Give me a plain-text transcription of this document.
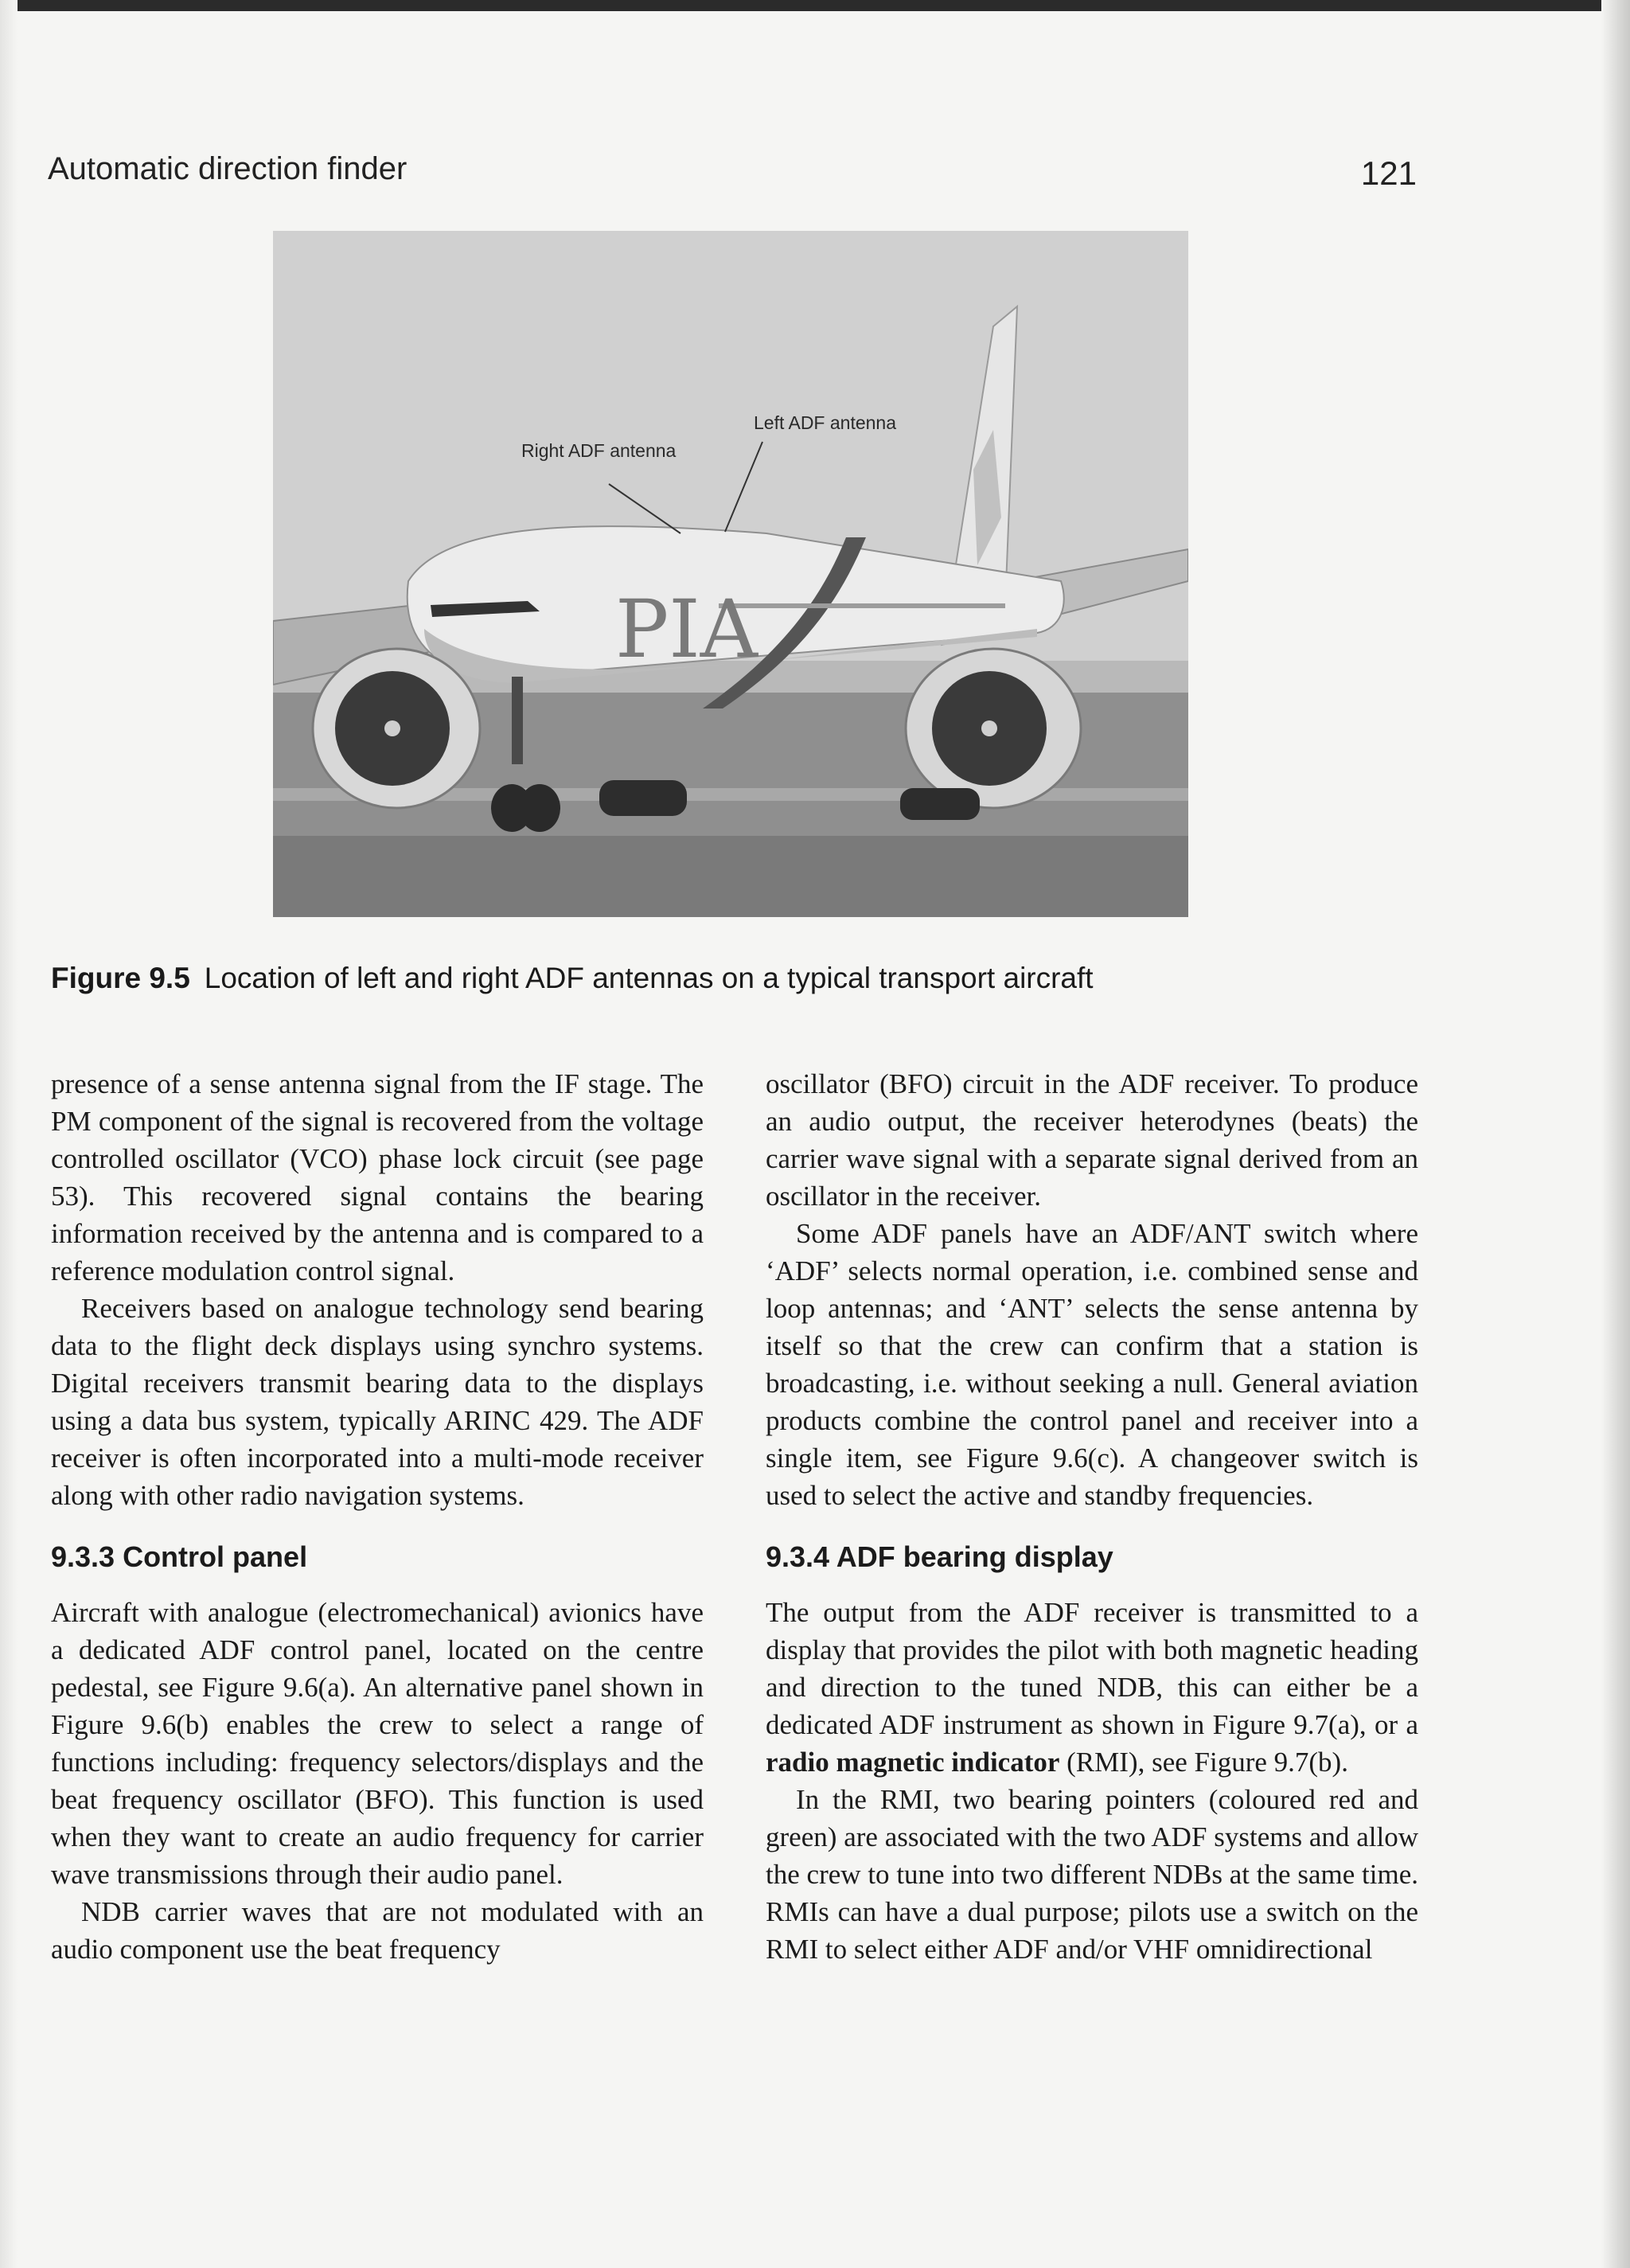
Automatic direction finder	121
PIA
Right ADF antenna
Left ADF antenna
Figure 9.5 Location of left and right ADF antennas on a typical transport aircraft

presence of a sense antenna signal from the IF stage. The PM component of the signal is recovered from the voltage controlled oscillator (VCO) phase lock circuit (see page 53). This recovered signal contains the bearing information received by the antenna and is compared to a reference modulation control signal.

Receivers based on analogue technology send bearing data to the flight deck displays using synchro systems. Digital receivers transmit bearing data to the displays using a data bus system, typically ARINC 429. The ADF receiver is often incorporated into a multi-mode receiver along with other radio navigation systems.

9.3.3 Control panel

Aircraft with analogue (electromechanical) avionics have a dedicated ADF control panel, located on the centre pedestal, see Figure 9.6(a). An alternative panel shown in Figure 9.6(b) enables the crew to select a range of functions including: frequency selectors/displays and the beat frequency oscillator (BFO). This function is used when they want to create an audio frequency for carrier wave transmissions through their audio panel.

NDB carrier waves that are not modulated with an audio component use the beat frequency

oscillator (BFO) circuit in the ADF receiver. To produce an audio output, the receiver heterodynes (beats) the carrier wave signal with a separate signal derived from an oscillator in the receiver.

Some ADF panels have an ADF/ANT switch where ‘ADF’ selects normal operation, i.e. combined sense and loop antennas; and ‘ANT’ selects the sense antenna by itself so that the crew can confirm that a station is broadcasting, i.e. without seeking a null. General aviation products combine the control panel and receiver into a single item, see Figure 9.6(c). A changeover switch is used to select the active and standby frequencies.

9.3.4 ADF bearing display

The output from the ADF receiver is transmitted to a display that provides the pilot with both magnetic heading and direction to the tuned NDB, this can either be a dedicated ADF instrument as shown in Figure 9.7(a), or a radio magnetic indicator (RMI), see Figure 9.7(b).

In the RMI, two bearing pointers (coloured red and green) are associated with the two ADF systems and allow the crew to tune into two different NDBs at the same time. RMIs can have a dual purpose; pilots use a switch on the RMI to select either ADF and/or VHF omnidirectional
